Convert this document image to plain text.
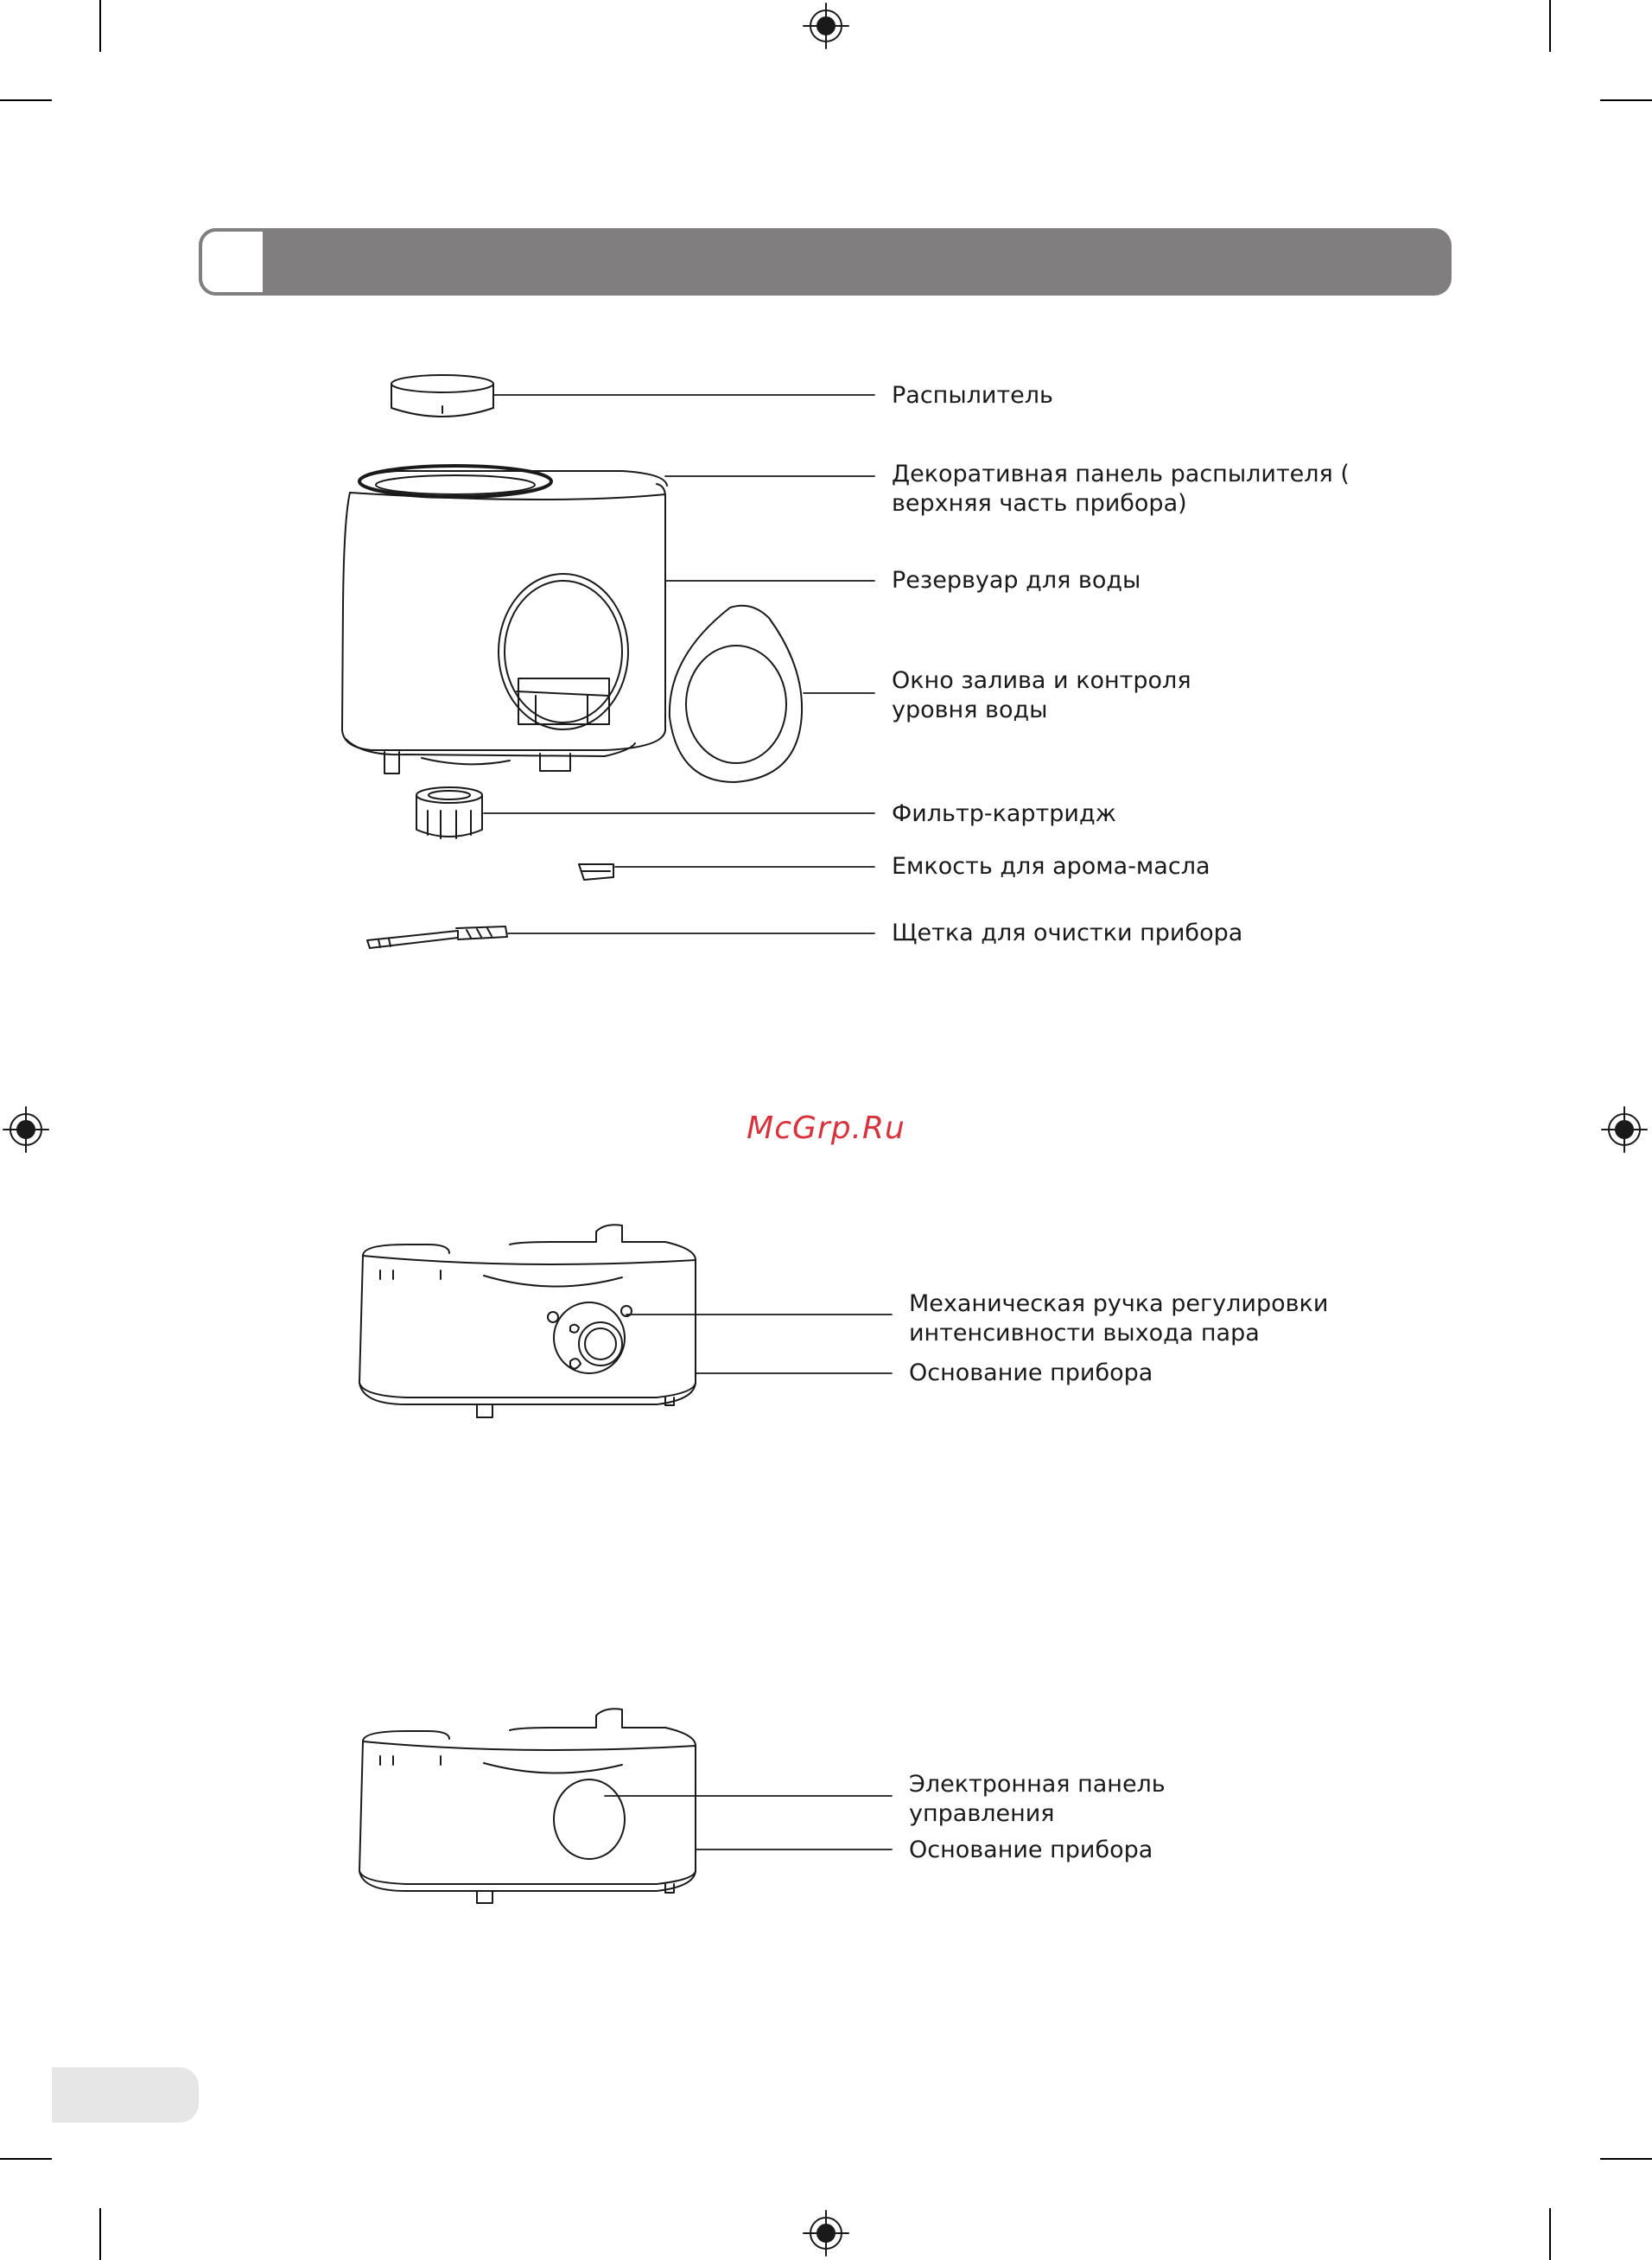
Распылитель
Декоративная панель распылителя (
верхняя часть прибора)
Резервуар для воды
Окно залива и контроля
уровня воды
Фильтр-картридж
Емкость для арома-масла
Щетка для очистки прибора
McGrp.Ru
Механическая ручка регулировки
интенсивности выхода пара
Основание прибора
Электронная панель
управления
Основание прибора
